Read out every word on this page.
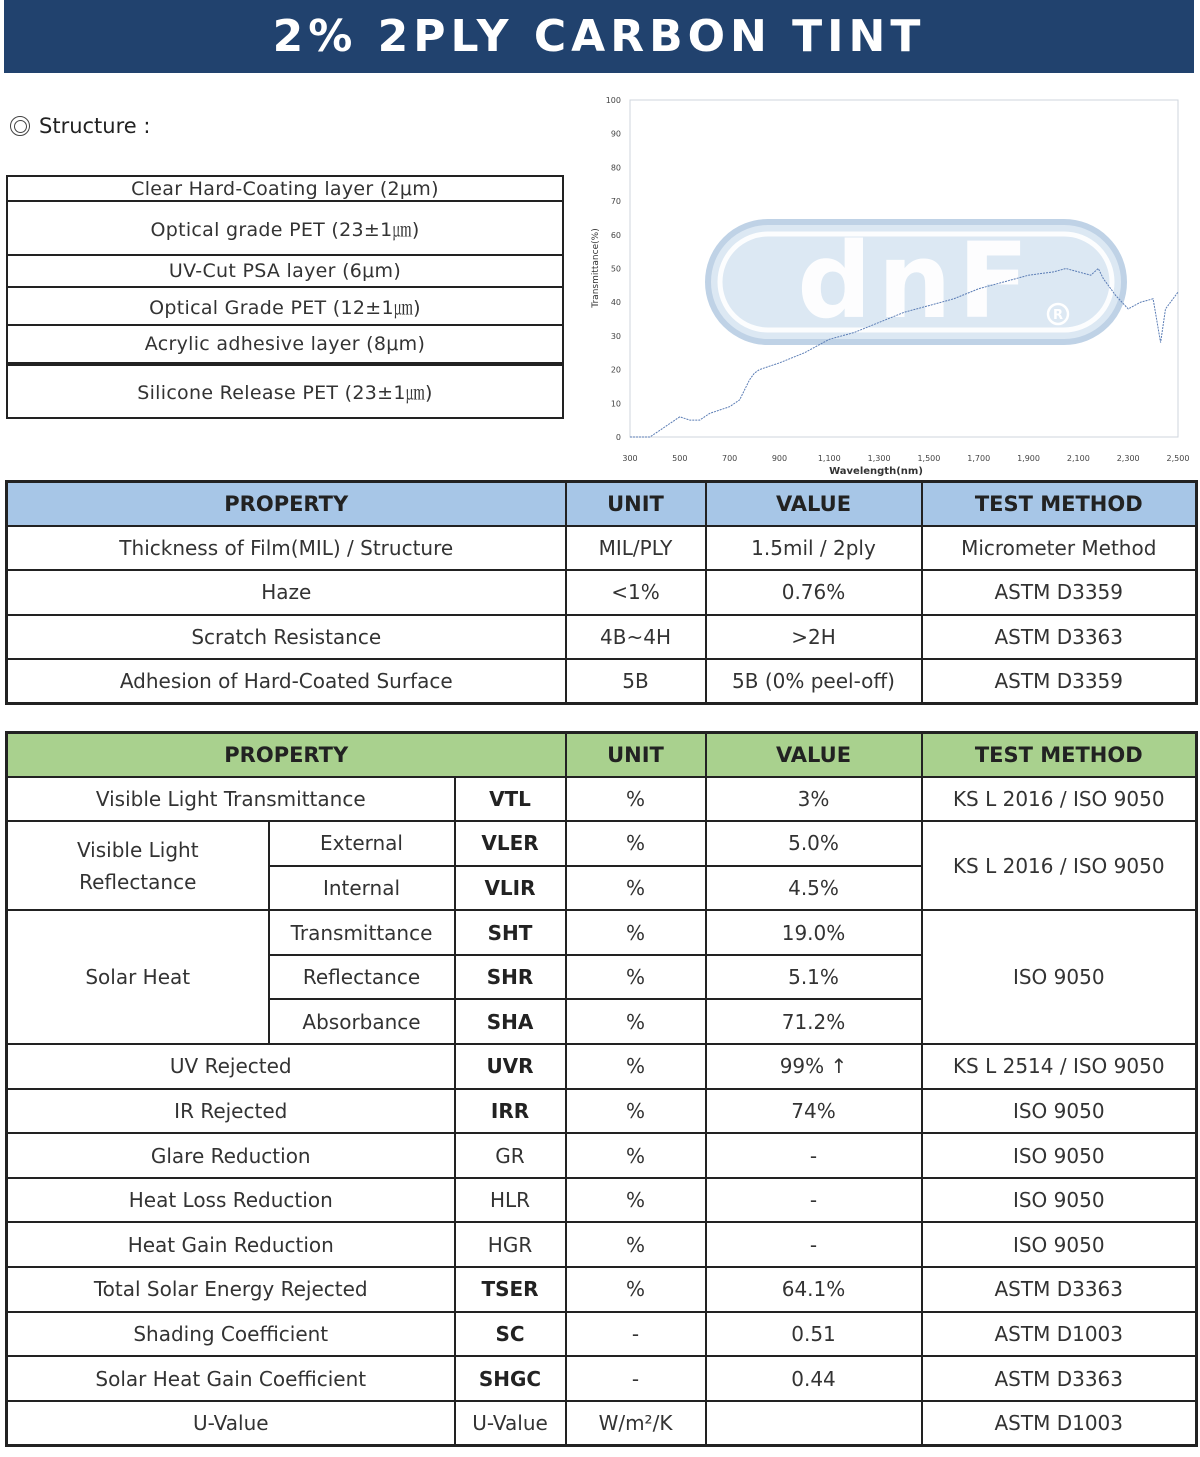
2% 2PLY CARBON TINT
Structure :
Clear Hard-Coating layer (2μm)
Optical grade PET (23±1㎛)
UV-Cut PSA layer (6μm)
Optical Grade PET (12±1㎛)
Acrylic adhesive layer (8μm)
Silicone Release PET (23±1㎛)
dnF R
0
10
20
30
40
50
60
70
80
90
100
300	500	700	900	1,100	1,300	1,500	1,700	1,900	2,100	2,300	2,500
Transmittance(%)
Wavelength(nm)
PROPERTY	UNIT	VALUE	TEST METHOD
Thickness of Film(MIL) / Structure	MIL/PLY	1.5mil / 2ply	Micrometer Method
Haze	<1%	0.76%	ASTM D3359
Scratch Resistance	4B~4H	>2H	ASTM D3363
Adhesion of Hard-Coated Surface	5B	5B (0% peel-off)	ASTM D3359
PROPERTY			UNIT	VALUE	TEST METHOD
Visible Light Transmittance		VTL	%	3%	KS L 2016 / ISO 9050
Visible Light
Reflectance	External	VLER	%	5.0%	KS L 2016 / ISO 9050
	Internal	VLIR	%	4.5%	
Solar Heat	Transmittance	SHT	%	19.0%	ISO 9050
	Reflectance	SHR	%	5.1%	
	Absorbance	SHA	%	71.2%	
UV Rejected		UVR	%	99% ↑	KS L 2514 / ISO 9050
IR Rejected		IRR	%	74%	ISO 9050
Glare Reduction		GR	%	-	ISO 9050
Heat Loss Reduction		HLR	%	-	ISO 9050
Heat Gain Reduction		HGR	%	-	ISO 9050
Total Solar Energy Rejected		TSER	%	64.1%	ASTM D3363
Shading Coefficient		SC	-	0.51	ASTM D1003
Solar Heat Gain Coefficient		SHGC	-	0.44	ASTM D3363
U-Value		U-Value	W/m²/K		ASTM D1003
